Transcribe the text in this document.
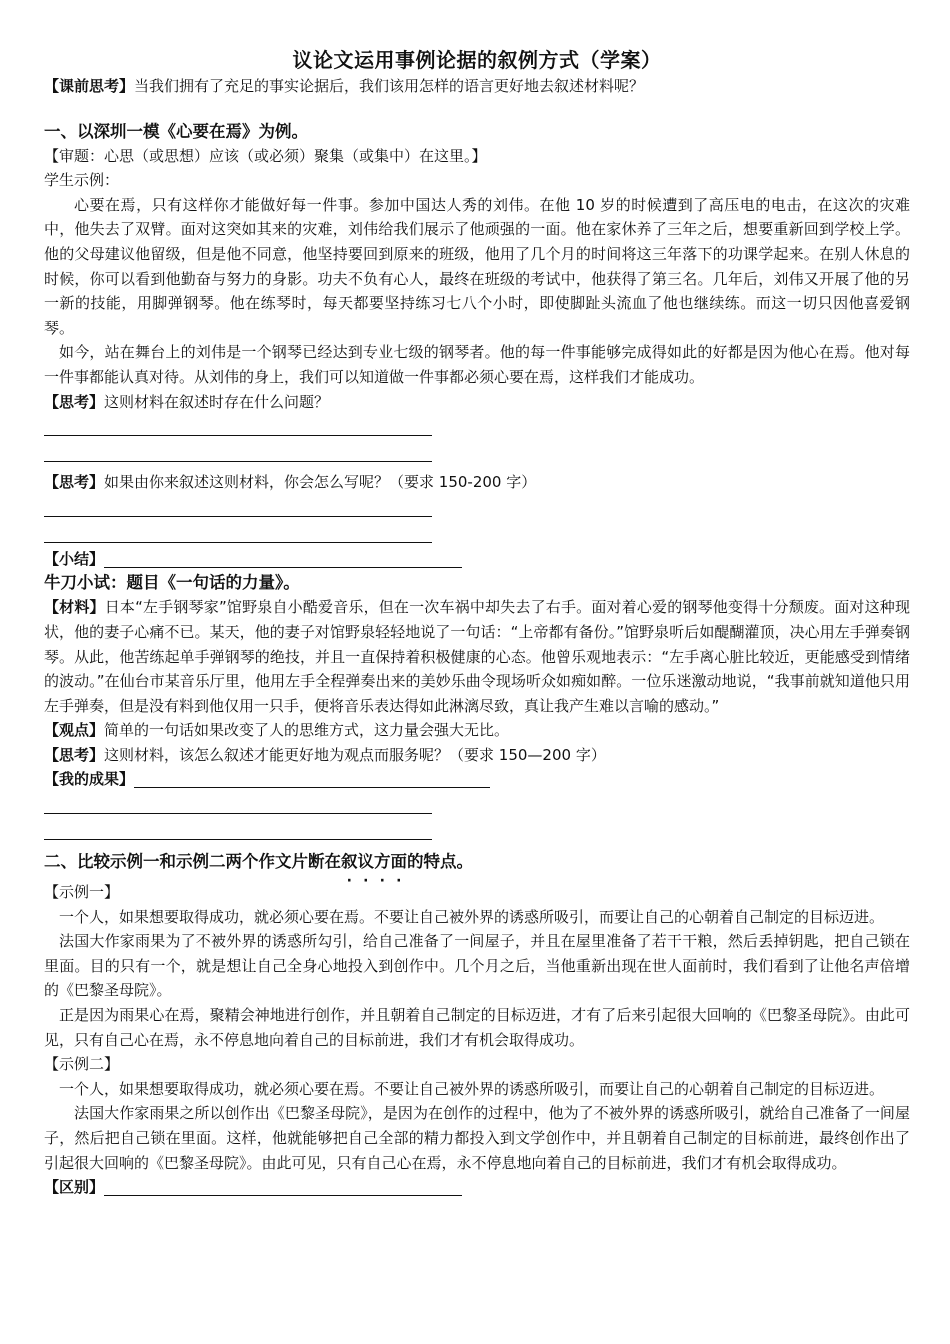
议论文运用事例论据的叙例方式（学案）

【课前思考】当我们拥有了充足的事实论据后，我们该用怎样的语言更好地去叙述材料呢？

一、以深圳一模《心要在焉》为例。

【审题：心思（或思想）应该（或必须）聚集（或集中）在这里。】

学生示例：

心要在焉，只有这样你才能做好每一件事。参加中国达人秀的刘伟。在他 10 岁的时候遭到了高压电的电击，在这次的灾难中，他失去了双臂。面对这突如其来的灾难，刘伟给我们展示了他顽强的一面。他在家休养了三年之后，想要重新回到学校上学。他的父母建议他留级，但是他不同意，他坚持要回到原来的班级，他用了几个月的时间将这三年落下的功课学起来。在别人休息的时候，你可以看到他勤奋与努力的身影。功夫不负有心人，最终在班级的考试中，他获得了第三名。几年后，刘伟又开展了他的另一新的技能，用脚弹钢琴。他在练琴时，每天都要坚持练习七八个小时，即使脚趾头流血了他也继续练。而这一切只因他喜爱钢琴。

如今，站在舞台上的刘伟是一个钢琴已经达到专业七级的钢琴者。他的每一件事能够完成得如此的好都是因为他心在焉。他对每一件事都能认真对待。从刘伟的身上，我们可以知道做一件事都必须心要在焉，这样我们才能成功。

【思考】这则材料在叙述时存在什么问题？

【思考】如果由你来叙述这则材料，你会怎么写呢？（要求 150-200 字）

【小结】

牛刀小试：题目《一句话的力量》。

【材料】日本“左手钢琴家”馆野泉自小酷爱音乐，但在一次车祸中却失去了右手。面对着心爱的钢琴他变得十分颓废。面对这种现状，他的妻子心痛不已。某天，他的妻子对馆野泉轻轻地说了一句话：“上帝都有备份。”馆野泉听后如醍醐灌顶，决心用左手弹奏钢琴。从此，他苦练起单手弹钢琴的绝技，并且一直保持着积极健康的心态。他曾乐观地表示：“左手离心脏比较近，更能感受到情绪的波动。”在仙台市某音乐厅里，他用左手全程弹奏出来的美妙乐曲令现场听众如痴如醉。一位乐迷激动地说，“我事前就知道他只用左手弹奏，但是没有料到他仅用一只手，便将音乐表达得如此淋漓尽致，真让我产生难以言喻的感动。”

【观点】简单的一句话如果改变了人的思维方式，这力量会强大无比。

【思考】这则材料，该怎么叙述才能更好地为观点而服务呢？（要求 150—200 字）

【我的成果】

二、比较示例一和示例二两个作文片断在叙议方面的特点。

【示例一】

一个人，如果想要取得成功，就必须心要在焉。不要让自己被外界的诱惑所吸引，而要让自己的心朝着自己制定的目标迈进。

法国大作家雨果为了不被外界的诱惑所勾引，给自己准备了一间屋子，并且在屋里准备了若干干粮，然后丢掉钥匙，把自己锁在里面。目的只有一个，就是想让自己全身心地投入到创作中。几个月之后，当他重新出现在世人面前时，我们看到了让他名声倍增的《巴黎圣母院》。

正是因为雨果心在焉，聚精会神地进行创作，并且朝着自己制定的目标迈进，才有了后来引起很大回响的《巴黎圣母院》。由此可见，只有自己心在焉，永不停息地向着自己的目标前进，我们才有机会取得成功。

【示例二】

一个人，如果想要取得成功，就必须心要在焉。不要让自己被外界的诱惑所吸引，而要让自己的心朝着自己制定的目标迈进。

法国大作家雨果之所以创作出《巴黎圣母院》，是因为在创作的过程中，他为了不被外界的诱惑所吸引，就给自己准备了一间屋子，然后把自己锁在里面。这样，他就能够把自己全部的精力都投入到文学创作中，并且朝着自己制定的目标前进，最终创作出了引起很大回响的《巴黎圣母院》。由此可见，只有自己心在焉，永不停息地向着自己的目标前进，我们才有机会取得成功。

【区别】
